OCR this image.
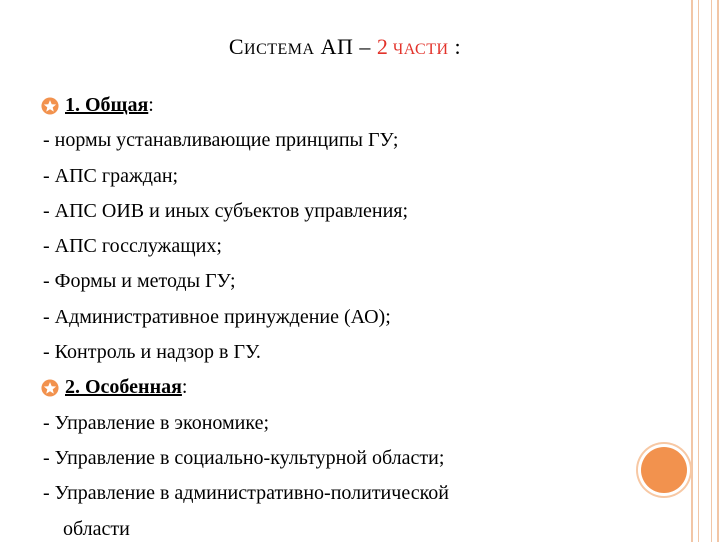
СИСТЕМА АП – 2 ЧАСТИ :
1. Общая:
- нормы устанавливающие принципы ГУ;
- АПС граждан;
- АПС ОИВ и иных субъектов управления;
- АПС госслужащих;
- Формы и методы ГУ;
- Административное принуждение (АО);
- Контроль и надзор в ГУ.
2. Особенная:
- Управление в экономике;
- Управление в социально-культурной области;
- Управление в административно-политической
области
